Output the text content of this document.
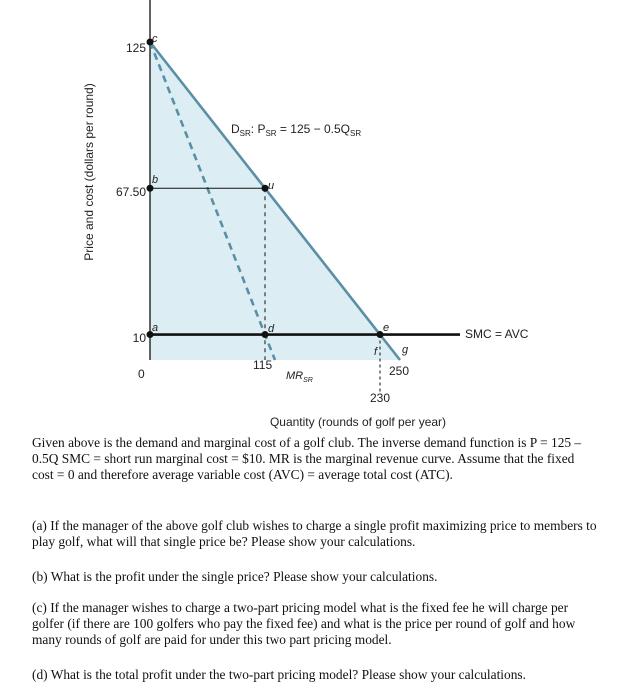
c
b	u
a	d	e
f g
125
67.50
10
0
115
230
250
$D_{SR}$: $P_{SR} = 125 - 0.5Q_{SR}$
$MR_{SR}$
SMC = AVC
Price and cost (dollars per round)
Quantity (rounds of golf per year)

Given above is the demand and marginal cost of a golf club. The inverse demand function is P = 125 – 0.5Q SMC = short run marginal cost = $10. MR is the marginal revenue curve. Assume that the fixed cost = 0 and therefore average variable cost (AVC) = average total cost (ATC).

(a) If the manager of the above golf club wishes to charge a single profit maximizing price to members to play golf, what will that single price be? Please show your calculations.

(b) What is the profit under the single price? Please show your calculations.

(c) If the manager wishes to charge a two-part pricing model what is the fixed fee he will charge per golfer (if there are 100 golfers who pay the fixed fee) and what is the price per round of golf and how many rounds of golf are paid for under this two part pricing model.

(d) What is the total profit under the two-part pricing model? Please show your calculations.
